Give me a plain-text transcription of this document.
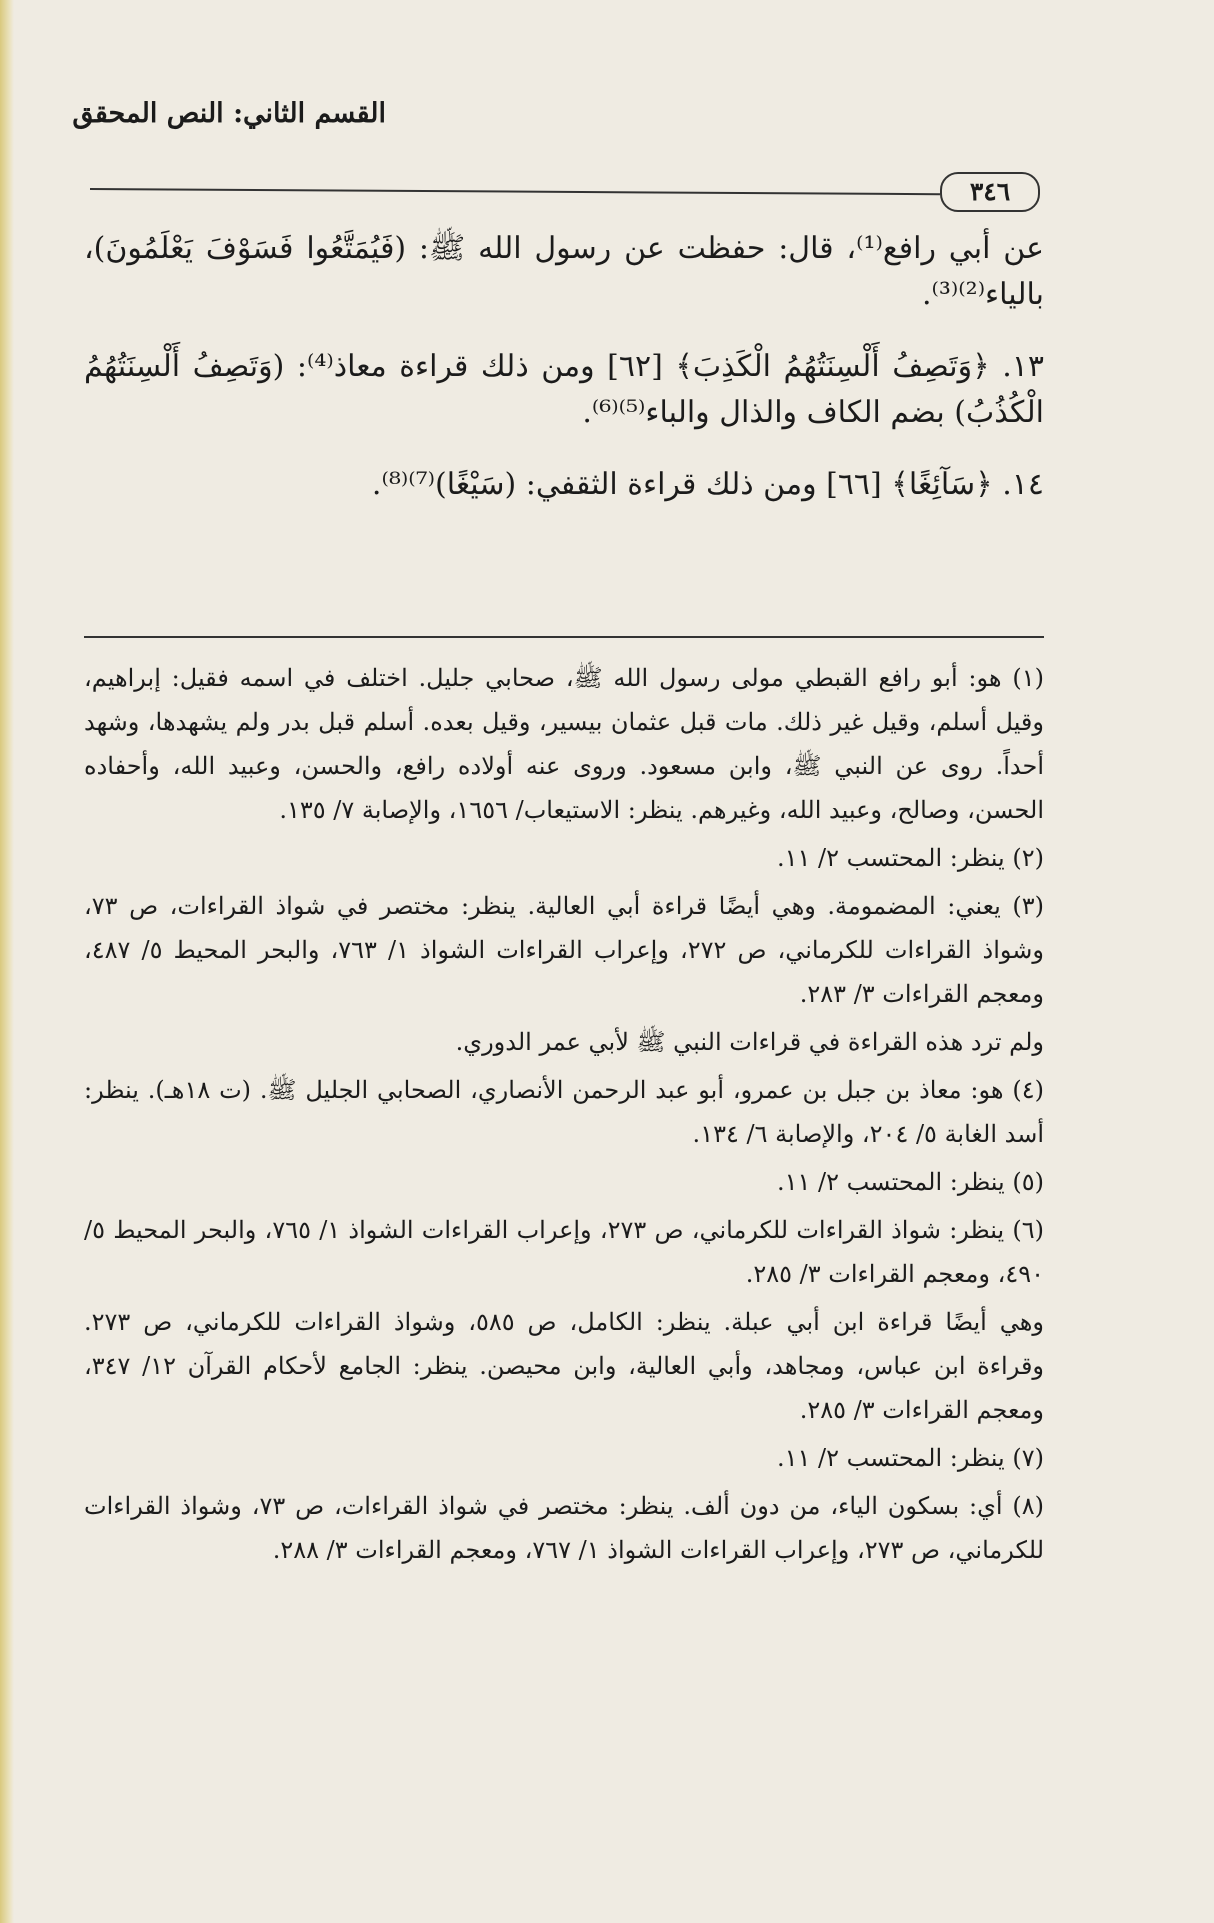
القسم الثاني: النص المحقق
٣٤٦

عن أبي رافع⁽¹⁾، قال: حفظت عن رسول الله ﷺ: (فَيُمَتَّعُوا فَسَوْفَ يَعْلَمُونَ)، بالياء⁽²⁾⁽³⁾.

١٣. ﴿وَتَصِفُ أَلْسِنَتُهُمُ الْكَذِبَ﴾ [٦٢] ومن ذلك قراءة معاذ⁽⁴⁾: (وَتَصِفُ أَلْسِنَتُهُمُ الْكُذُبُ) بضم الكاف والذال والباء⁽⁵⁾⁽⁶⁾.

١٤. ﴿سَآئِغًا﴾ [٦٦] ومن ذلك قراءة الثقفي: (سَيْغًا)⁽⁷⁾⁽⁸⁾.

(١) هو: أبو رافع القبطي مولى رسول الله ﷺ، صحابي جليل. اختلف في اسمه فقيل: إبراهيم، وقيل أسلم، وقيل غير ذلك. مات قبل عثمان بيسير، وقيل بعده. أسلم قبل بدر ولم يشهدها، وشهد أحداً. روى عن النبي ﷺ، وابن مسعود. وروى عنه أولاده رافع، والحسن، وعبيد الله، وأحفاده الحسن، وصالح، وعبيد الله، وغيرهم. ينظر: الاستيعاب/ ١٦٥٦، والإصابة ٧/ ١٣٥.

(٢) ينظر: المحتسب ٢/ ١١.

(٣) يعني: المضمومة. وهي أيضًا قراءة أبي العالية. ينظر: مختصر في شواذ القراءات، ص ٧٣، وشواذ القراءات للكرماني، ص ٢٧٢، وإعراب القراءات الشواذ ١/ ٧٦٣، والبحر المحيط ٥/ ٤٨٧، ومعجم القراءات ٣/ ٢٨٣.

ولم ترد هذه القراءة في قراءات النبي ﷺ لأبي عمر الدوري.

(٤) هو: معاذ بن جبل بن عمرو، أبو عبد الرحمن الأنصاري، الصحابي الجليل ﷺ. (ت ١٨هـ). ينظر: أسد الغابة ٥/ ٢٠٤، والإصابة ٦/ ١٣٤.

(٥) ينظر: المحتسب ٢/ ١١.

(٦) ينظر: شواذ القراءات للكرماني، ص ٢٧٣، وإعراب القراءات الشواذ ١/ ٧٦٥، والبحر المحيط ٥/ ٤٩٠، ومعجم القراءات ٣/ ٢٨٥.

وهي أيضًا قراءة ابن أبي عبلة. ينظر: الكامل، ص ٥٨٥، وشواذ القراءات للكرماني، ص ٢٧٣. وقراءة ابن عباس، ومجاهد، وأبي العالية، وابن محيصن. ينظر: الجامع لأحكام القرآن ١٢/ ٣٤٧، ومعجم القراءات ٣/ ٢٨٥.

(٧) ينظر: المحتسب ٢/ ١١.

(٨) أي: بسكون الياء، من دون ألف. ينظر: مختصر في شواذ القراءات، ص ٧٣، وشواذ القراءات للكرماني، ص ٢٧٣، وإعراب القراءات الشواذ ١/ ٧٦٧، ومعجم القراءات ٣/ ٢٨٨.
